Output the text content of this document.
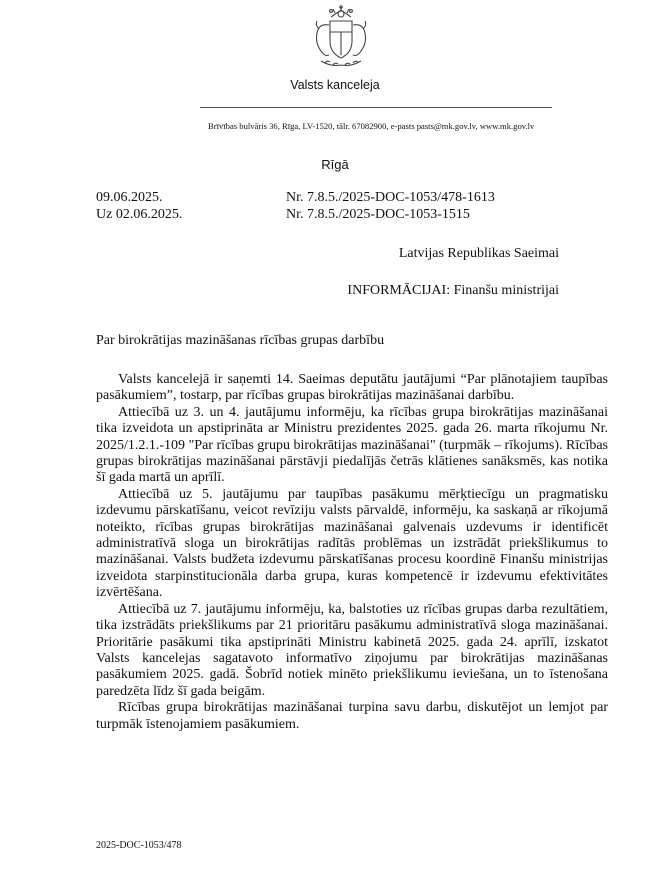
Valsts kanceleja
Brīvības bulvāris 36, Rīga, LV-1520, tālr. 67082900, e-pasts pasts@mk.gov.lv, www.mk.gov.lv
Rīgā
09.06.2025.	Nr. 7.8.5./2025-DOC-1053/478-1613
Uz 02.06.2025.	Nr. 7.8.5./2025-DOC-1053-1515
Latvijas Republikas Saeimai
INFORMĀCIJAI: Finanšu ministrijai
Par birokrātijas mazināšanas rīcības grupas darbību

Valsts kancelejā ir saņemti 14. Saeimas deputātu jautājumi “Par plānotajiem taupības pasākumiem”, tostarp, par rīcības grupas birokrātijas mazināšanai darbību.

Attiecībā uz 3. un 4. jautājumu informēju, ka rīcības grupa birokrātijas mazināšanai tika izveidota un apstiprināta ar Ministru prezidentes 2025. gada 26. marta rīkojumu Nr. 2025/1.2.1.-109 "Par rīcības grupu birokrātijas mazināšanai" (turpmāk – rīkojums). Rīcības grupas birokrātijas mazināšanai pārstāvji piedalījās četrās klātienes sanāksmēs, kas notika šī gada martā un aprīlī.

Attiecībā uz 5. jautājumu par taupības pasākumu mērķtiecīgu un pragmatisku izdevumu pārskatīšanu, veicot revīziju valsts pārvaldē, informēju, ka saskaņā ar rīkojumā noteikto, rīcības grupas birokrātijas mazināšanai galvenais uzdevums ir identificēt administratīvā sloga un birokrātijas radītās problēmas un izstrādāt priekšlikumus to mazināšanai. Valsts budžeta izdevumu pārskatīšanas procesu koordinē Finanšu ministrijas izveidota starpinstitucionāla darba grupa, kuras kompetencē ir izdevumu efektivitātes izvērtēšana.

Attiecībā uz 7. jautājumu informēju, ka, balstoties uz rīcības grupas darba rezultātiem, tika izstrādāts priekšlikums par 21 prioritāru pasākumu administratīvā sloga mazināšanai. Prioritārie pasākumi tika apstiprināti Ministru kabinetā 2025. gada 24. aprīlī, izskatot Valsts kancelejas sagatavoto informatīvo ziņojumu par birokrātijas mazināšanas pasākumiem 2025. gadā. Šobrīd notiek minēto priekšlikumu ieviešana, un to īstenošana paredzēta līdz šī gada beigām.

Rīcības grupa birokrātijas mazināšanai turpina savu darbu, diskutējot un lemjot par turpmāk īstenojamiem pasākumiem.

2025-DOC-1053/478
